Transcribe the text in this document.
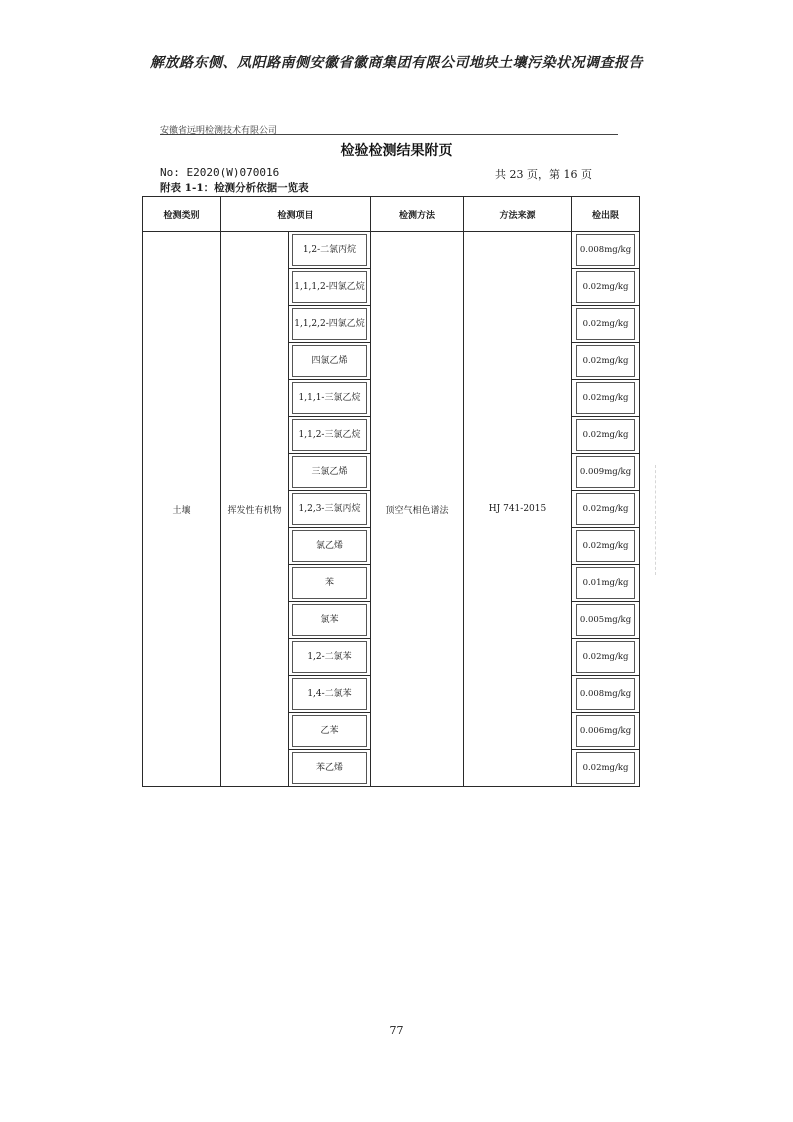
解放路东侧、凤阳路南侧安徽省徽商集团有限公司地块土壤污染状况调查报告
安徽省远明检测技术有限公司
检验检测结果附页
No: E2020(W)070016	共 23 页，第 16 页
附表 1-1：检测分析依据一览表
检测类别	检测项目		检测方法	方法来源	检出限
土壤	挥发性有机物	1,2-二氯丙烷	顶空气相色谱法	HJ 741-2015	0.008mg/kg

		1,1,1,2-四氯乙烷			0.02mg/kg

		1,1,2,2-四氯乙烷			0.02mg/kg

		四氯乙烯			0.02mg/kg

		1,1,1-三氯乙烷			0.02mg/kg

		1,1,2-三氯乙烷			0.02mg/kg

		三氯乙烯			0.009mg/kg

		1,2,3-三氯丙烷			0.02mg/kg

		氯乙烯			0.02mg/kg

		苯			0.01mg/kg

		氯苯			0.005mg/kg

		1,2-二氯苯			0.02mg/kg

		1,4-二氯苯			0.008mg/kg

		乙苯			0.006mg/kg

		苯乙烯			0.02mg/kg
77
